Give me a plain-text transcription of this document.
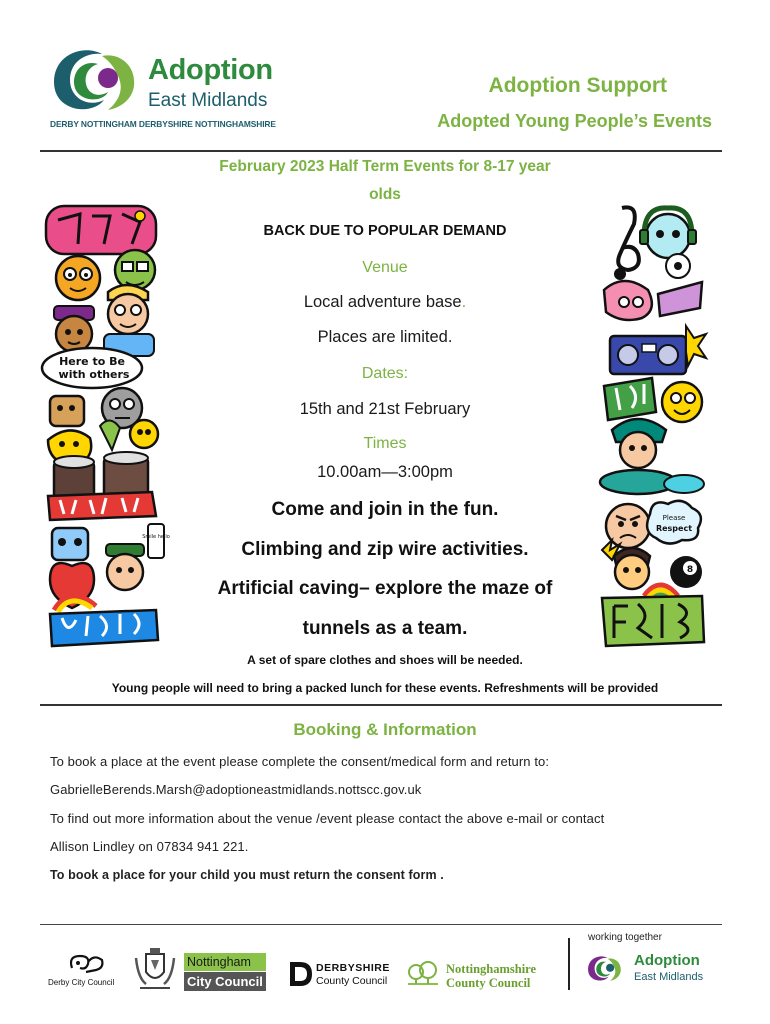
Adoption
East Midlands
DERBY NOTTINGHAM DERBYSHIRE NOTTINGHAMSHIRE
Adoption Support
Adopted Young People’s Events
February 2023 Half Term Events for 8-17 year
olds
BACK DUE TO POPULAR DEMAND
Venue
Local adventure base.
Places are limited.
Dates:
15th and 21st February
Times
10.00am—3:00pm
Come and join in the fun.
Climbing and zip wire activities.
Artificial caving– explore the maze of
tunnels as a team.
A set of spare clothes and shoes will be needed.
Young people will need to bring a packed lunch for these events. Refreshments will be provided
Here to Be
with others
Smile hello
Please
Respect
8
Booking & Information
To book a place at the event please complete the consent/medical form and return to:
GabrielleBerends.Marsh@adoptioneastmidlands.nottscc.gov.uk
To find out more information about the venue /event please contact the above e-mail or contact
Allison Lindley on 07834 941 221.
To book a place for your child you must return the consent form .
Derby City Council
Nottingham
City Council
DERBYSHIRE
County Council
Nottinghamshire
County Council
working together
Adoption
East Midlands
